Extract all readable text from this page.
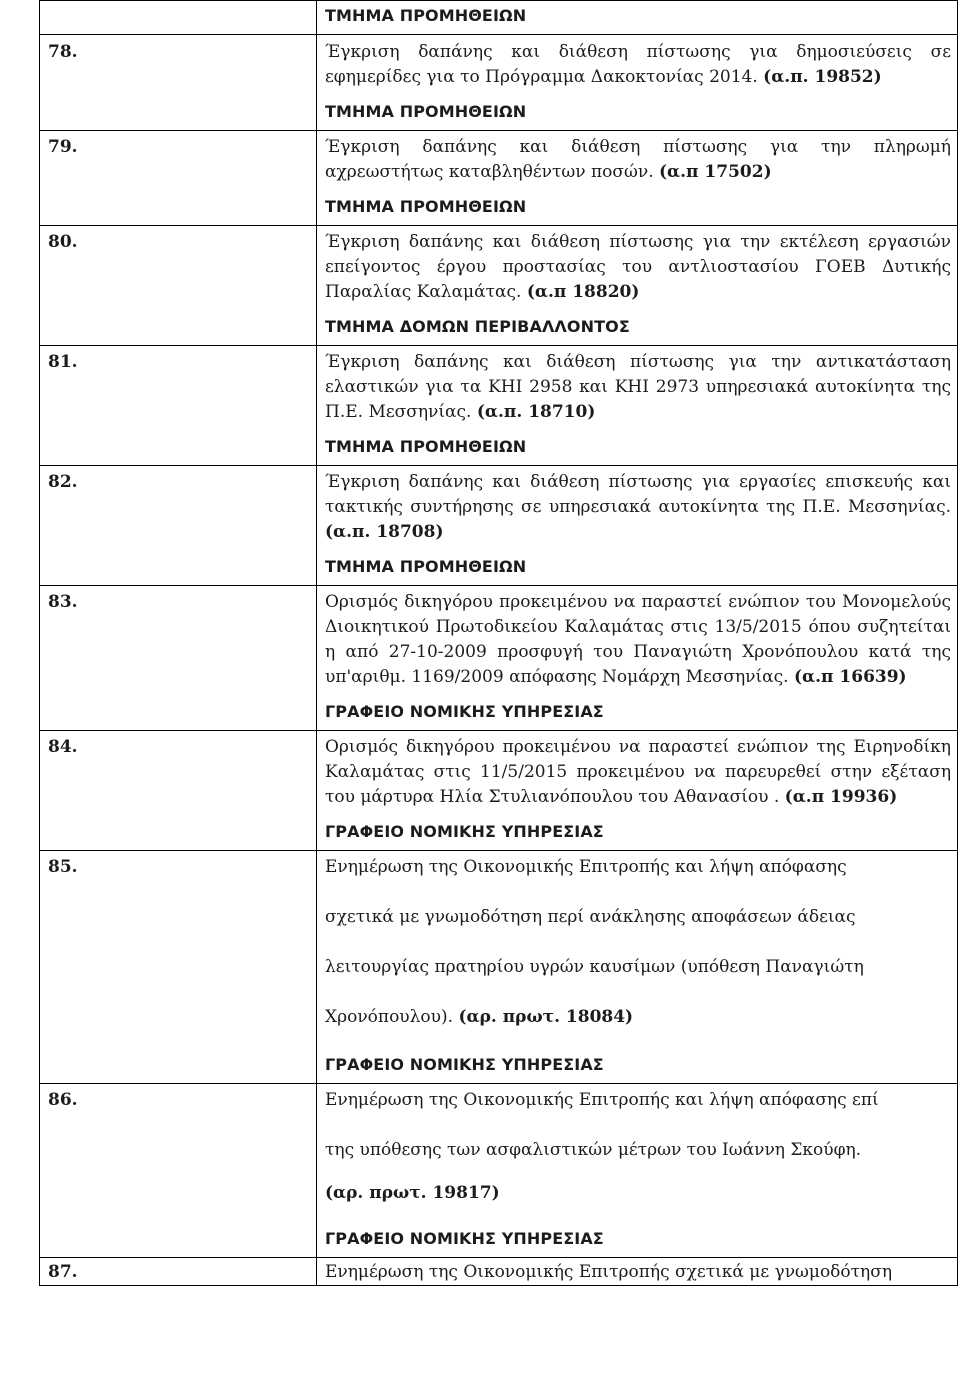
	ΤΜΗΜΑ ΠΡΟΜΗΘΕΙΩΝ

78.	Έγκριση δαπάνης και διάθεση πίστωσης για δημοσιεύσεις σε εφημερίδες για το Πρόγραμμα Δακοκτονίας 2014. (α.π. 19852)
ΤΜΗΜΑ ΠΡΟΜΗΘΕΙΩΝ

79.	Έγκριση δαπάνης και διάθεση πίστωσης για την πληρωμή αχρεωστήτως καταβληθέντων ποσών. (α.π 17502)
ΤΜΗΜΑ ΠΡΟΜΗΘΕΙΩΝ

80.	Έγκριση δαπάνης και διάθεση πίστωσης για την εκτέλεση εργασιών επείγοντος έργου προστασίας του αντλιοστασίου ΓΟΕΒ Δυτικής Παραλίας Καλαμάτας. (α.π 18820)
ΤΜΗΜΑ ΔΟΜΩΝ ΠΕΡΙΒΑΛΛΟΝΤΟΣ

81.	Έγκριση δαπάνης και διάθεση πίστωσης για την αντικατάσταση ελαστικών για τα ΚΗΙ 2958 και ΚΗΙ 2973 υπηρεσιακά αυτοκίνητα της Π.Ε. Μεσσηνίας. (α.π. 18710)
ΤΜΗΜΑ ΠΡΟΜΗΘΕΙΩΝ

82.	Έγκριση δαπάνης και διάθεση πίστωσης για εργασίες επισκευής και τακτικής συντήρησης σε υπηρεσιακά αυτοκίνητα της Π.Ε. Μεσσηνίας. (α.π. 18708)
ΤΜΗΜΑ ΠΡΟΜΗΘΕΙΩΝ

83.	Ορισμός δικηγόρου προκειμένου να παραστεί ενώπιον του Μονομελούς Διοικητικού Πρωτοδικείου Καλαμάτας στις 13/5/2015 όπου συζητείται η από 27-10-2009 προσφυγή του Παναγιώτη Χρονόπουλου κατά της υπ'αριθμ. 1169/2009 απόφασης Νομάρχη Μεσσηνίας. (α.π 16639)
ΓΡΑΦΕΙΟ ΝΟΜΙΚΗΣ ΥΠΗΡΕΣΙΑΣ

84.	Ορισμός δικηγόρου προκειμένου να παραστεί ενώπιον της Ειρηνοδίκη Καλαμάτας στις 11/5/2015 προκειμένου να παρευρεθεί στην εξέταση του μάρτυρα Ηλία Στυλιανόπουλου του Αθανασίου . (α.π 19936)
ΓΡΑΦΕΙΟ ΝΟΜΙΚΗΣ ΥΠΗΡΕΣΙΑΣ

85.	Ενημέρωση της Οικονομικής Επιτροπής και λήψη απόφασης
σχετικά με γνωμοδότηση περί ανάκλησης αποφάσεων άδειας
λειτουργίας πρατηρίου υγρών καυσίμων (υπόθεση Παναγιώτη
Χρονόπουλου). (αρ. πρωτ. 18084)
ΓΡΑΦΕΙΟ ΝΟΜΙΚΗΣ ΥΠΗΡΕΣΙΑΣ

86.	Ενημέρωση της Οικονομικής Επιτροπής και λήψη απόφασης επί
της υπόθεσης των ασφαλιστικών μέτρων του Ιωάννη Σκούφη.
(αρ. πρωτ. 19817)
ΓΡΑΦΕΙΟ ΝΟΜΙΚΗΣ ΥΠΗΡΕΣΙΑΣ

87.	Ενημέρωση της Οικονομικής Επιτροπής σχετικά με γνωμοδότηση
